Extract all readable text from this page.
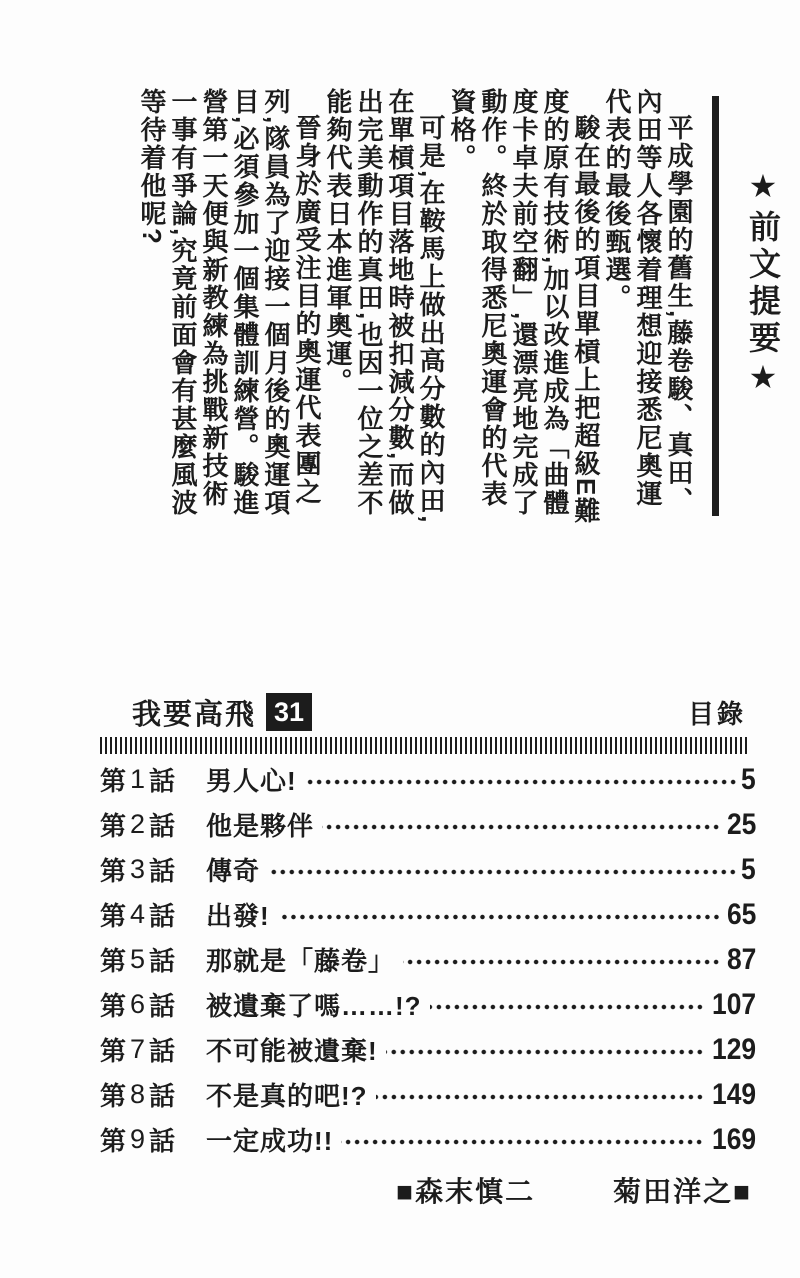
平成學園的舊生,藤卷駿、真田、內田等人各懷着理想迎接悉尼奧運代表的最後甄選。

駿在最後的項目單槓上把超級E難度的原有技術,加以改進成為「曲體度卡卓夫前空翻」,還漂亮地完成了動作。終於取得悉尼奧運會的代表資格。

可是,在鞍馬上做出高分數的內田,在單槓項目落地時被扣減分數,而做出完美動作的真田,也因一位之差不能夠代表日本進軍奧運。

晉身於廣受注目的奧運代表團之列,隊員為了迎接一個月後的奧運項目,必須參加一個集體訓練營。駿進營第一天便與新教練為挑戰新技術一事有爭論,究竟前面會有甚麼風波等待着他呢?

★前文提要★
我要高飛 31	目錄
第 1 話 男人心!	5
第 2 話 他是夥伴	25
第 3 話 傳奇	5
第 4 話 出發!	65
第 5 話 那就是「藤卷」	87
第 6 話 被遺棄了嗎……!?	107
第 7 話 不可能被遺棄!	129
第 8 話 不是真的吧!?	149
第 9 話 一定成功!!	169
■森末慎二	菊田洋之■
